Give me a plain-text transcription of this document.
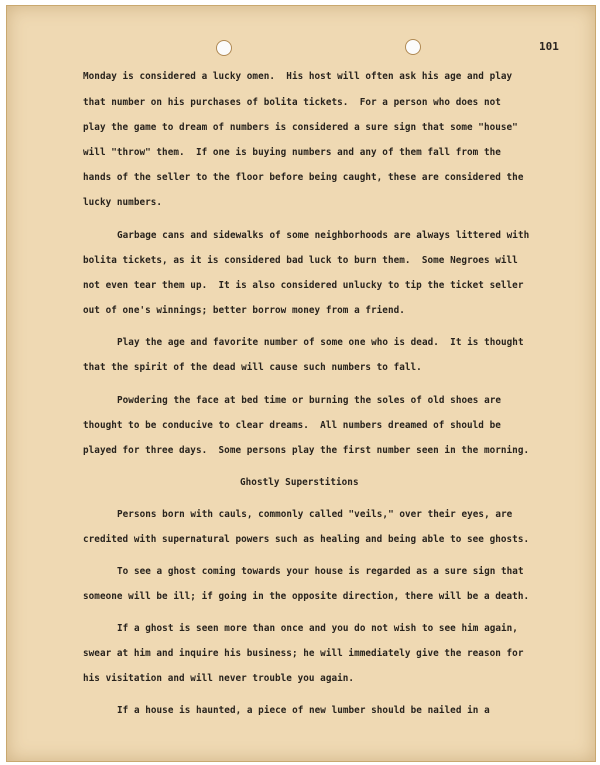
101
Monday is considered a lucky omen.  His host will often ask his age and play
that number on his purchases of bolita tickets.  For a person who does not
play the game to dream of numbers is considered a sure sign that some "house"
will "throw" them.  If one is buying numbers and any of them fall from the
hands of the seller to the floor before being caught, these are considered the
lucky numbers.
Garbage cans and sidewalks of some neighborhoods are always littered with
bolita tickets, as it is considered bad luck to burn them.  Some Negroes will
not even tear them up.  It is also considered unlucky to tip the ticket seller
out of one's winnings; better borrow money from a friend.
Play the age and favorite number of some one who is dead.  It is thought
that the spirit of the dead will cause such numbers to fall.
Powdering the face at bed time or burning the soles of old shoes are
thought to be conducive to clear dreams.  All numbers dreamed of should be
played for three days.  Some persons play the first number seen in the morning.
Ghostly Superstitions
Persons born with cauls, commonly called "veils," over their eyes, are
credited with supernatural powers such as healing and being able to see ghosts.
To see a ghost coming towards your house is regarded as a sure sign that
someone will be ill; if going in the opposite direction, there will be a death.
If a ghost is seen more than once and you do not wish to see him again,
swear at him and inquire his business; he will immediately give the reason for
his visitation and will never trouble you again.
If a house is haunted, a piece of new lumber should be nailed in a
